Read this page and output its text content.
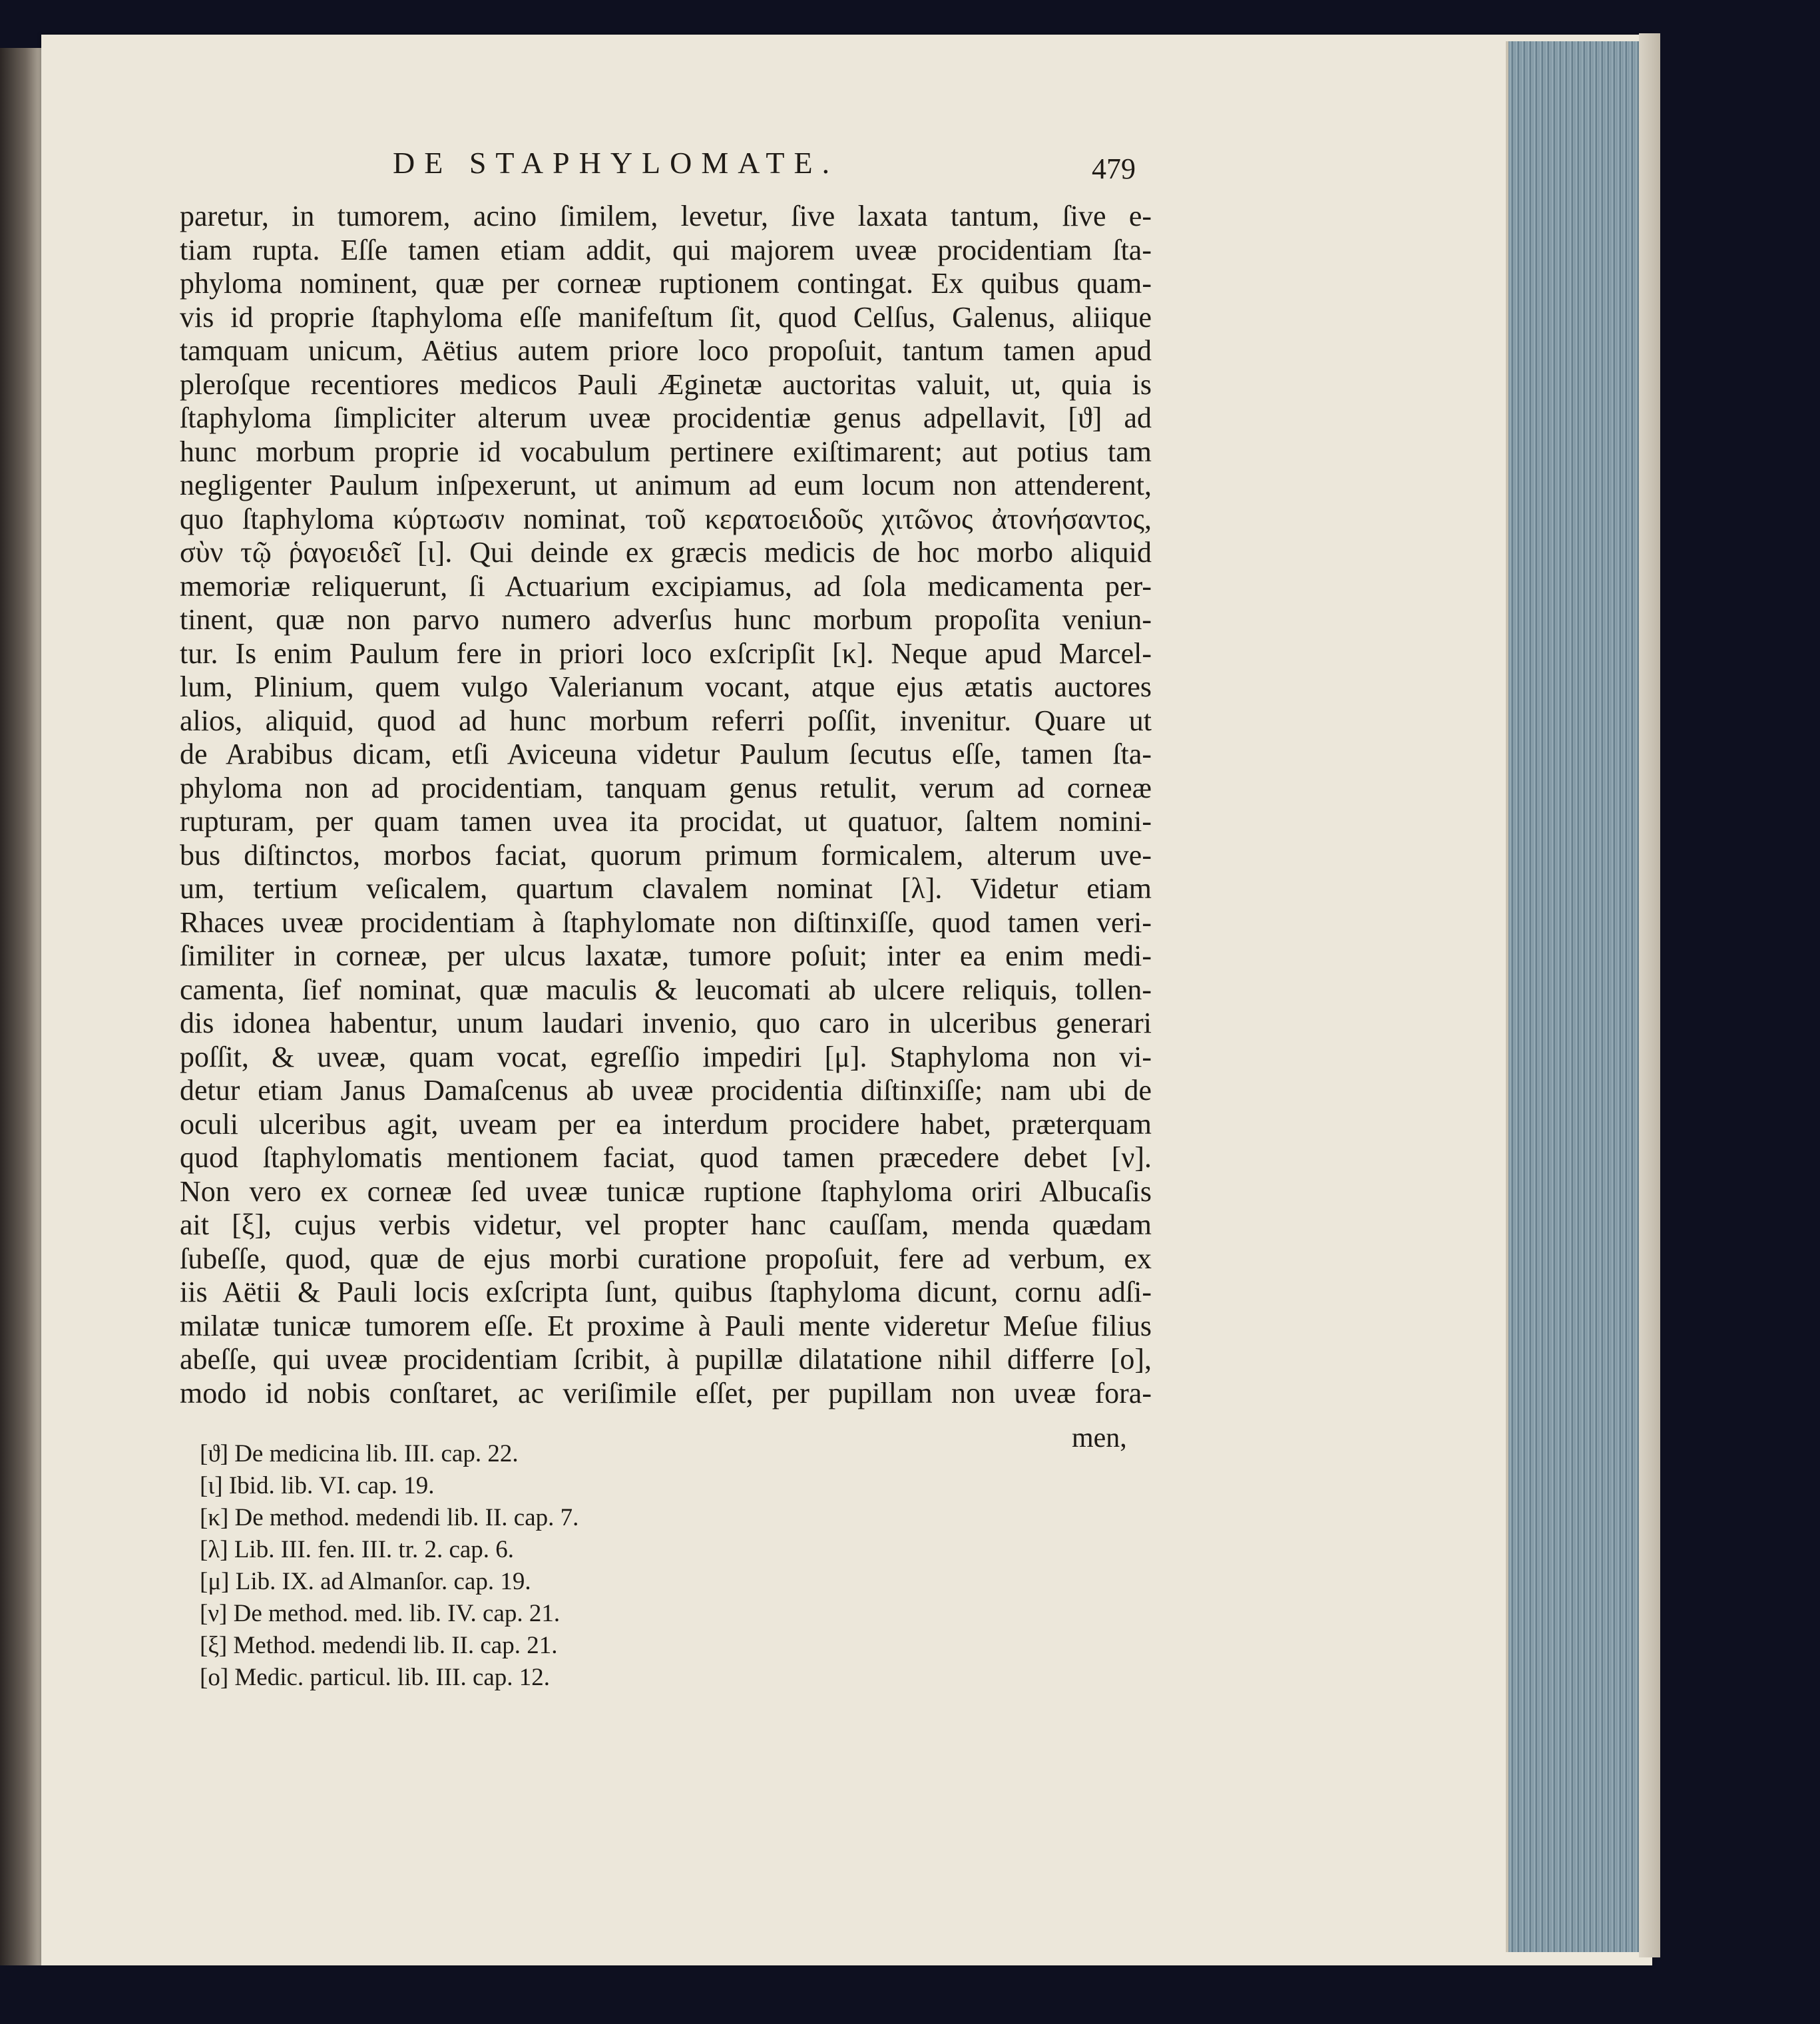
DE STAPHYLOMATE.	479
paretur, in tumorem, acino ſimilem, levetur, ſive laxata tantum, ſive e-
tiam rupta. Eſſe tamen etiam addit, qui majorem uveæ procidentiam ſta-
phyloma nominent, quæ per corneæ ruptionem contingat. Ex quibus quam-
vis id proprie ſtaphyloma eſſe manifeſtum ſit, quod Celſus, Galenus, aliique
tamquam unicum, Aëtius autem priore loco propoſuit, tantum tamen apud
pleroſque recentiores medicos Pauli Æginetæ auctoritas valuit, ut, quia is
ſtaphyloma ſimpliciter alterum uveæ procidentiæ genus adpellavit, [ϑ] ad
hunc morbum proprie id vocabulum pertinere exiſtimarent; aut potius tam
negligenter Paulum inſpexerunt, ut animum ad eum locum non attenderent,
quo ſtaphyloma κύρτωσιν nominat, τοῦ κερατοειδοῦς χιτῶνος ἀτονήσαντος,
σὺν τῷ ῥαγοειδεῖ [ι]. Qui deinde ex græcis medicis de hoc morbo aliquid
memoriæ reliquerunt, ſi Actuarium excipiamus, ad ſola medicamenta per-
tinent, quæ non parvo numero adverſus hunc morbum propoſita veniun-
tur. Is enim Paulum fere in priori loco exſcripſit [κ]. Neque apud Marcel-
lum, Plinium, quem vulgo Valerianum vocant, atque ejus ætatis auctores
alios, aliquid, quod ad hunc morbum referri poſſit, invenitur. Quare ut
de Arabibus dicam, etſi Aviceuna videtur Paulum ſecutus eſſe, tamen ſta-
phyloma non ad procidentiam, tanquam genus retulit, verum ad corneæ
rupturam, per quam tamen uvea ita procidat, ut quatuor, ſaltem nomini-
bus diſtinctos, morbos faciat, quorum primum formicalem, alterum uve-
um, tertium veſicalem, quartum clavalem nominat [λ]. Videtur etiam
Rhaces uveæ procidentiam à ſtaphylomate non diſtinxiſſe, quod tamen veri-
ſimiliter in corneæ, per ulcus laxatæ, tumore poſuit; inter ea enim medi-
camenta, ſief nominat, quæ maculis & leucomati ab ulcere reliquis, tollen-
dis idonea habentur, unum laudari invenio, quo caro in ulceribus generari
poſſit, & uveæ, quam vocat, egreſſio impediri [μ]. Staphyloma non vi-
detur etiam Janus Damaſcenus ab uveæ procidentia diſtinxiſſe; nam ubi de
oculi ulceribus agit, uveam per ea interdum procidere habet, præterquam
quod ſtaphylomatis mentionem faciat, quod tamen præcedere debet [ν].
Non vero ex corneæ ſed uveæ tunicæ ruptione ſtaphyloma oriri Albucaſis
ait [ξ], cujus verbis videtur, vel propter hanc cauſſam, menda quædam
ſubeſſe, quod, quæ de ejus morbi curatione propoſuit, fere ad verbum, ex
iis Aëtii & Pauli locis exſcripta ſunt, quibus ſtaphyloma dicunt, cornu adſi-
milatæ tunicæ tumorem eſſe. Et proxime à Pauli mente videretur Meſue filius
abeſſe, qui uveæ procidentiam ſcribit, à pupillæ dilatatione nihil differre [ο],
modo id nobis conſtaret, ac veriſimile eſſet, per pupillam non uveæ fora-
men,
[ϑ] De medicina lib. III. cap. 22.
[ι] Ibid. lib. VI. cap. 19.
[κ] De method. medendi lib. II. cap. 7.
[λ] Lib. III. fen. III. tr. 2. cap. 6.
[μ] Lib. IX. ad Almanſor. cap. 19.
[ν] De method. med. lib. IV. cap. 21.
[ξ] Method. medendi lib. II. cap. 21.
[ο] Medic. particul. lib. III. cap. 12.
